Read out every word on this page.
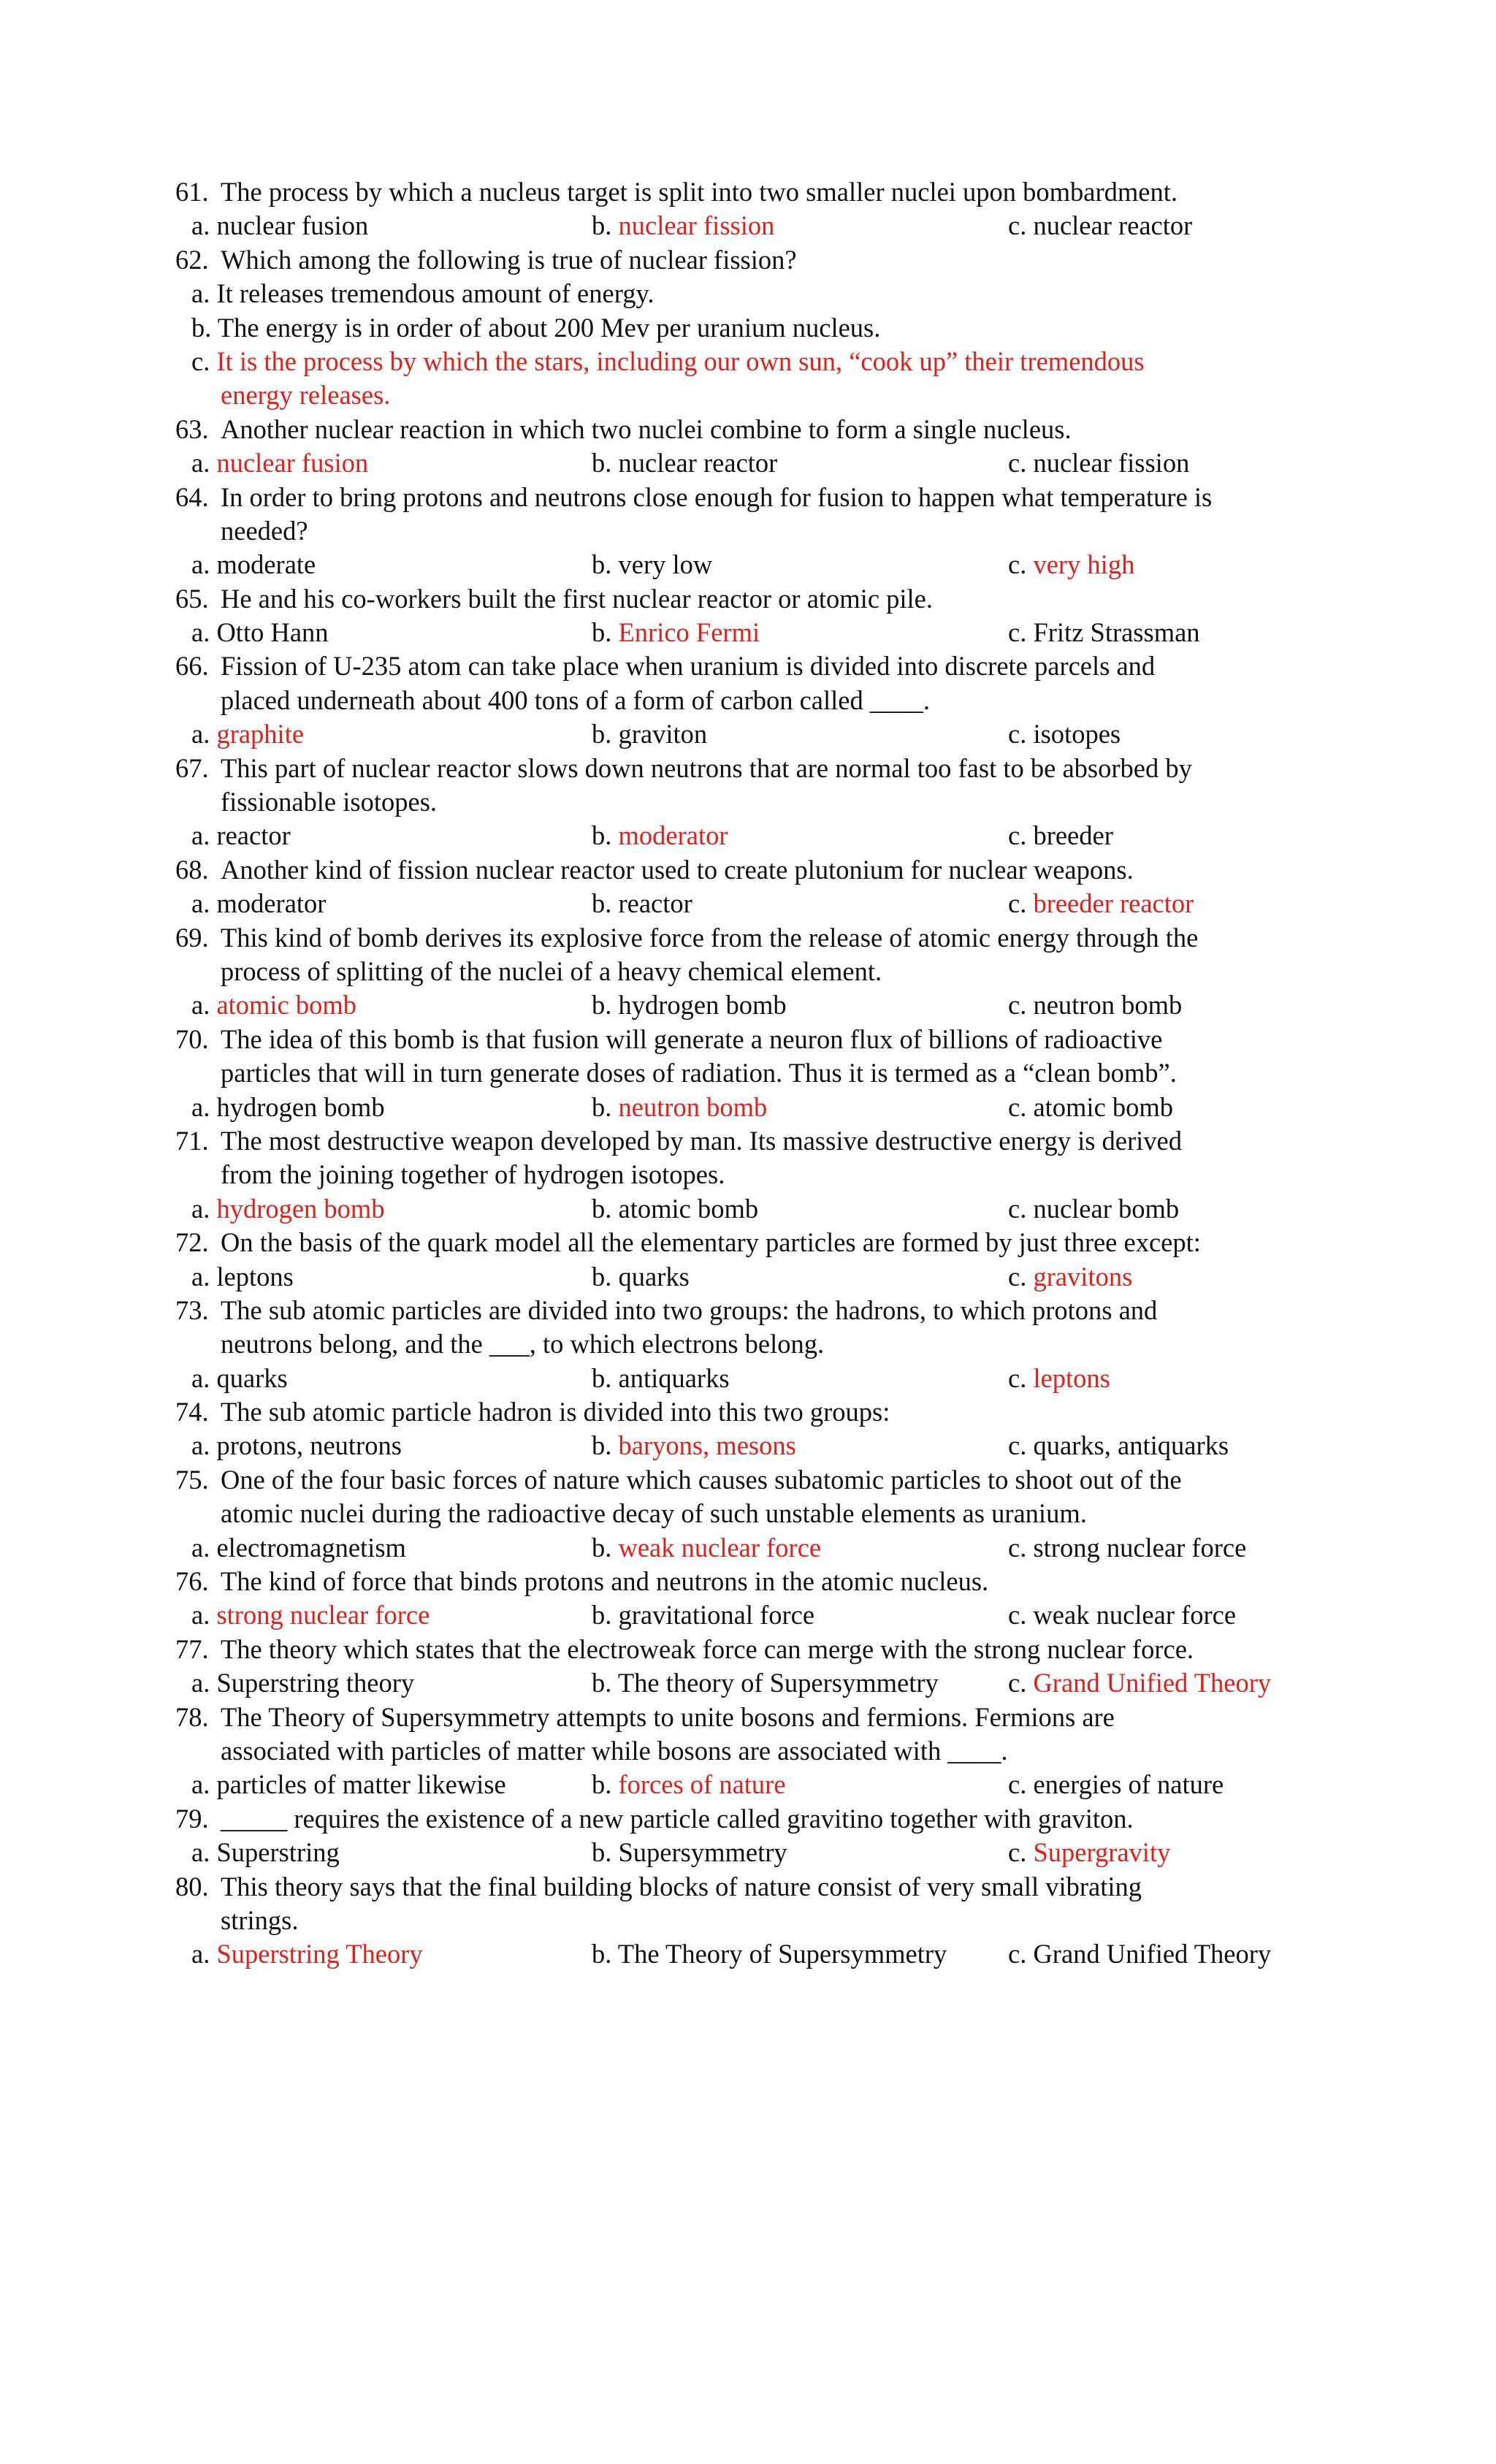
61. The process by which a nucleus target is split into two smaller nuclei upon bombardment.
a. nuclear fusion	b. nuclear fission	c. nuclear reactor
62. Which among the following is true of nuclear fission?
a. It releases tremendous amount of energy.
b. The energy is in order of about 200 Mev per uranium nucleus.
c. It is the process by which the stars, including our own sun, “cook up” their tremendous
energy releases.
63. Another nuclear reaction in which two nuclei combine to form a single nucleus.
a. nuclear fusion	b. nuclear reactor	c. nuclear fission
64. In order to bring protons and neutrons close enough for fusion to happen what temperature is
needed?
a. moderate	b. very low	c. very high
65. He and his co-workers built the first nuclear reactor or atomic pile.
a. Otto Hann	b. Enrico Fermi	c. Fritz Strassman
66. Fission of U-235 atom can take place when uranium is divided into discrete parcels and
placed underneath about 400 tons of a form of carbon called ____.
a. graphite	b. graviton	c. isotopes
67. This part of nuclear reactor slows down neutrons that are normal too fast to be absorbed by
fissionable isotopes.
a. reactor	b. moderator	c. breeder
68. Another kind of fission nuclear reactor used to create plutonium for nuclear weapons.
a. moderator	b. reactor	c. breeder reactor
69. This kind of bomb derives its explosive force from the release of atomic energy through the
process of splitting of the nuclei of a heavy chemical element.
a. atomic bomb	b. hydrogen bomb	c. neutron bomb
70. The idea of this bomb is that fusion will generate a neuron flux of billions of radioactive
particles that will in turn generate doses of radiation. Thus it is termed as a “clean bomb”.
a. hydrogen bomb	b. neutron bomb	c. atomic bomb
71. The most destructive weapon developed by man. Its massive destructive energy is derived
from the joining together of hydrogen isotopes.
a. hydrogen bomb	b. atomic bomb	c. nuclear bomb
72. On the basis of the quark model all the elementary particles are formed by just three except:
a. leptons	b. quarks	c. gravitons
73. The sub atomic particles are divided into two groups: the hadrons, to which protons and
neutrons belong, and the ___, to which electrons belong.
a. quarks	b. antiquarks	c. leptons
74. The sub atomic particle hadron is divided into this two groups:
a. protons, neutrons	b. baryons, mesons	c. quarks, antiquarks
75. One of the four basic forces of nature which causes subatomic particles to shoot out of the
atomic nuclei during the radioactive decay of such unstable elements as uranium.
a. electromagnetism	b. weak nuclear force	c. strong nuclear force
76. The kind of force that binds protons and neutrons in the atomic nucleus.
a. strong nuclear force	b. gravitational force	c. weak nuclear force
77. The theory which states that the electroweak force can merge with the strong nuclear force.
a. Superstring theory	b. The theory of Supersymmetry	c. Grand Unified Theory
78. The Theory of Supersymmetry attempts to unite bosons and fermions. Fermions are
associated with particles of matter while bosons are associated with ____.
a. particles of matter likewise	b. forces of nature	c. energies of nature
79. _____ requires the existence of a new particle called gravitino together with graviton.
a. Superstring	b. Supersymmetry	c. Supergravity
80. This theory says that the final building blocks of nature consist of very small vibrating
strings.
a. Superstring Theory	b. The Theory of Supersymmetry c. Grand Unified Theory
